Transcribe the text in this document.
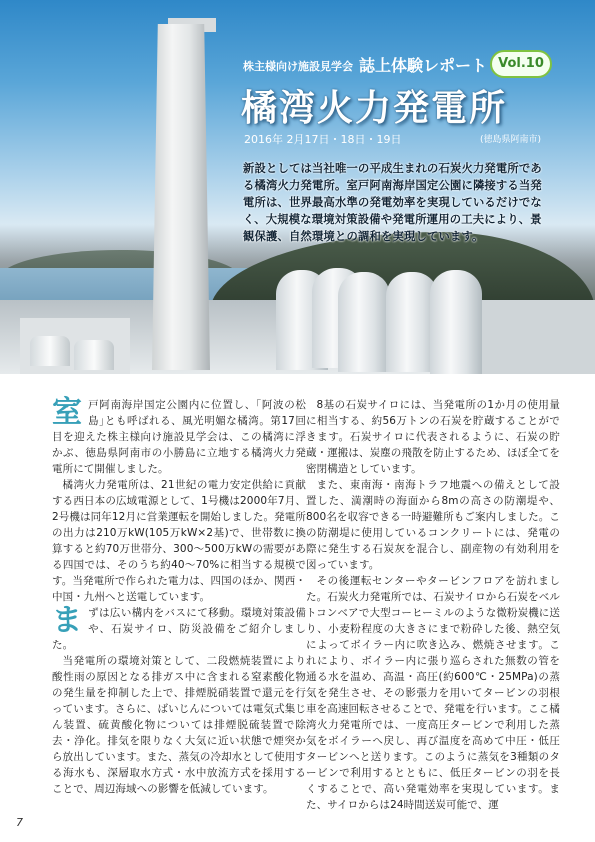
株主様向け施設見学会 誌上体験レポート Vol.10
橘湾火力発電所
2016年 2月17日・18日・19日	(徳島県阿南市)
新設としては当社唯一の平成生まれの石炭火力発電所である橘湾火力発電所。室戸阿南海岸国定公園に隣接する当発電所は、世界最高水準の発電効率を実現しているだけでなく、大規模な環境対策設備や発電所運用の工夫により、景観保護、自然環境との調和を実現しています。

室戸阿南海岸国定公園内に位置し、｢阿波の松島｣とも呼ばれる、風光明媚な橘湾。第17回目を迎えた株主様向け施設見学会は、この橘湾に浮かぶ、徳島県阿南市の小勝島に立地する橘湾火力発電所にて開催しました。

橘湾火力発電所は、21世紀の電力安定供給に貢献する西日本の広域電源として、1号機は2000年7月、2号機は同年12月に営業運転を開始しました。発電所の出力は210万kW(105万kW×2基)で、世帯数に換算すると約70万世帯分、300～500万kWの需要がある四国では、そのうち約40～70%に相当する規模です。当発電所で作られた電力は、四国のほか、関西・中国・九州へと送電しています。

まずは広い構内をバスにて移動。環境対策設備や、石炭サイロ、防災設備をご紹介しました。

当発電所の環境対策として、二段燃焼装置により酸性雨の原因となる排ガス中に含まれる窒素酸化物の発生量を抑制した上で、排煙脱硝装置で還元を行っています。さらに、ばいじんについては電気式集じん装置、硫黄酸化物については排煙脱硫装置で除去・浄化。排気を限りなく大気に近い状態で煙突から放出しています。また、蒸気の冷却水として使用する海水も、深層取水方式・水中放流方式を採用することで、周辺海域への影響を低減しています。

8基の石炭サイロには、当発電所の1か月の使用量に相当する、約56万トンの石炭を貯蔵することができます。石炭サイロに代表されるように、石炭の貯蔵・運搬は、炭塵の飛散を防止するため、ほぼ全てを密閉構造としています。

また、東南海・南海トラフ地震への備えとして設置した、満潮時の海面から8mの高さの防潮堤や、800名を収容できる一時避難所もご案内しました。この防潮堤に使用しているコンクリートには、発電の際に発生する石炭灰を混合し、副産物の有効利用を図っています。

その後運転センターやタービンフロアを訪れました。石炭火力発電所では、石炭サイロから石炭をベルトコンベアで大型コーヒーミルのような微粉炭機に送り、小麦粉程度の大きさにまで粉砕した後、熱空気によってボイラー内に吹き込み、燃焼させます。これにより、ボイラー内に張り巡らされた無数の管を通る水を温め、高温・高圧(約600℃・25MPa)の蒸気を発生させ、その影張力を用いてタービンの羽根車を高速回転させることで、発電を行います。ここ橘湾火力発電所では、一度高圧タービンで利用した蒸気をボイラーへ戻し、再び温度を高めて中圧・低圧タービンへと送ります。このように蒸気を3種類のタービンで利用するとともに、低圧タービンの羽を長くすることで、高い発電効率を実現しています。また、サイロからは24時間送炭可能で、運

7
